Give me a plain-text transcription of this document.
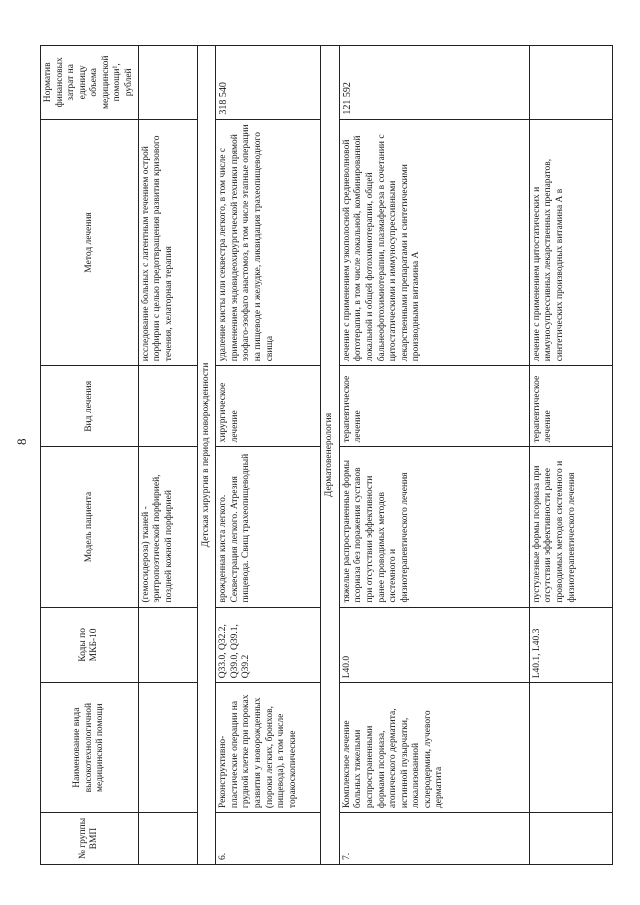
8
№ группы ВМП	Наименование вида высокотехнологичной медицинской помощи	Коды по МКБ-10	Модель пациента	Вид лечения	Метод лечения	Норматив финансовых затрат на единицу объема медицинской помощи¹, рублей
			(гемосидероза) тканей - эритропоэтической порфирией, поздней кожной порфирией		исследование больных с латентным течением острой порфирии с целью предотвращения развития кризового течения, хелаторная терапия	
Детская хирургия в период новорожденности						
6.	Реконструктивно-пластические операции на грудной клетке при пороках развития у новорожденных (пороки легких, бронхов, пищевода), в том числе торакоскопические	Q33.0, Q32.2, Q39.0, Q39.1, Q39.2	врожденная киста легкого. Секвестрация легкого. Атрезия пищевода. Свищ трахеопищеводный	хирургическое лечение	удаление кисты или секвестра легкого, в том числе с применением эндовидеохирургической техники прямой эзофаго-эзофаго анастомоз, в том числе этапные операции на пищеводе и желудке, ликвидация трахеопищеводного свища	318 540
Дерматовенерология						
7.	Комплексное лечение больных тяжелыми распространенными формами псориаза, атопического дерматита, истинной пузырчатки, локализованной склеродермии, лучевого дерматита	L40.0	тяжелые распространенные формы псориаза без поражения суставов при отсутствии эффективности ранее проводимых методов системного и физиотерапевтического лечения	терапевтическое лечение	лечение с применением узкополосной средневолновой фототерапии, в том числе локальной, комбинированной локальной и общей фотохимиотерапии, общей бальнеофотохимиотерапии, плазмафереза в сочетании с цитостатическими и иммуносупрессивными лекарственными препаратами и синтетическими производными витамина А	121 592
		L40.1, L40.3	пустулезные формы псориаза при отсутствии эффективности ранее проводимых методов системного и физиотерапевтического лечения	терапевтическое лечение	лечение с применением цитостатических и иммуносупрессивных лекарственных препаратов, синтетических производных витамина А в	
